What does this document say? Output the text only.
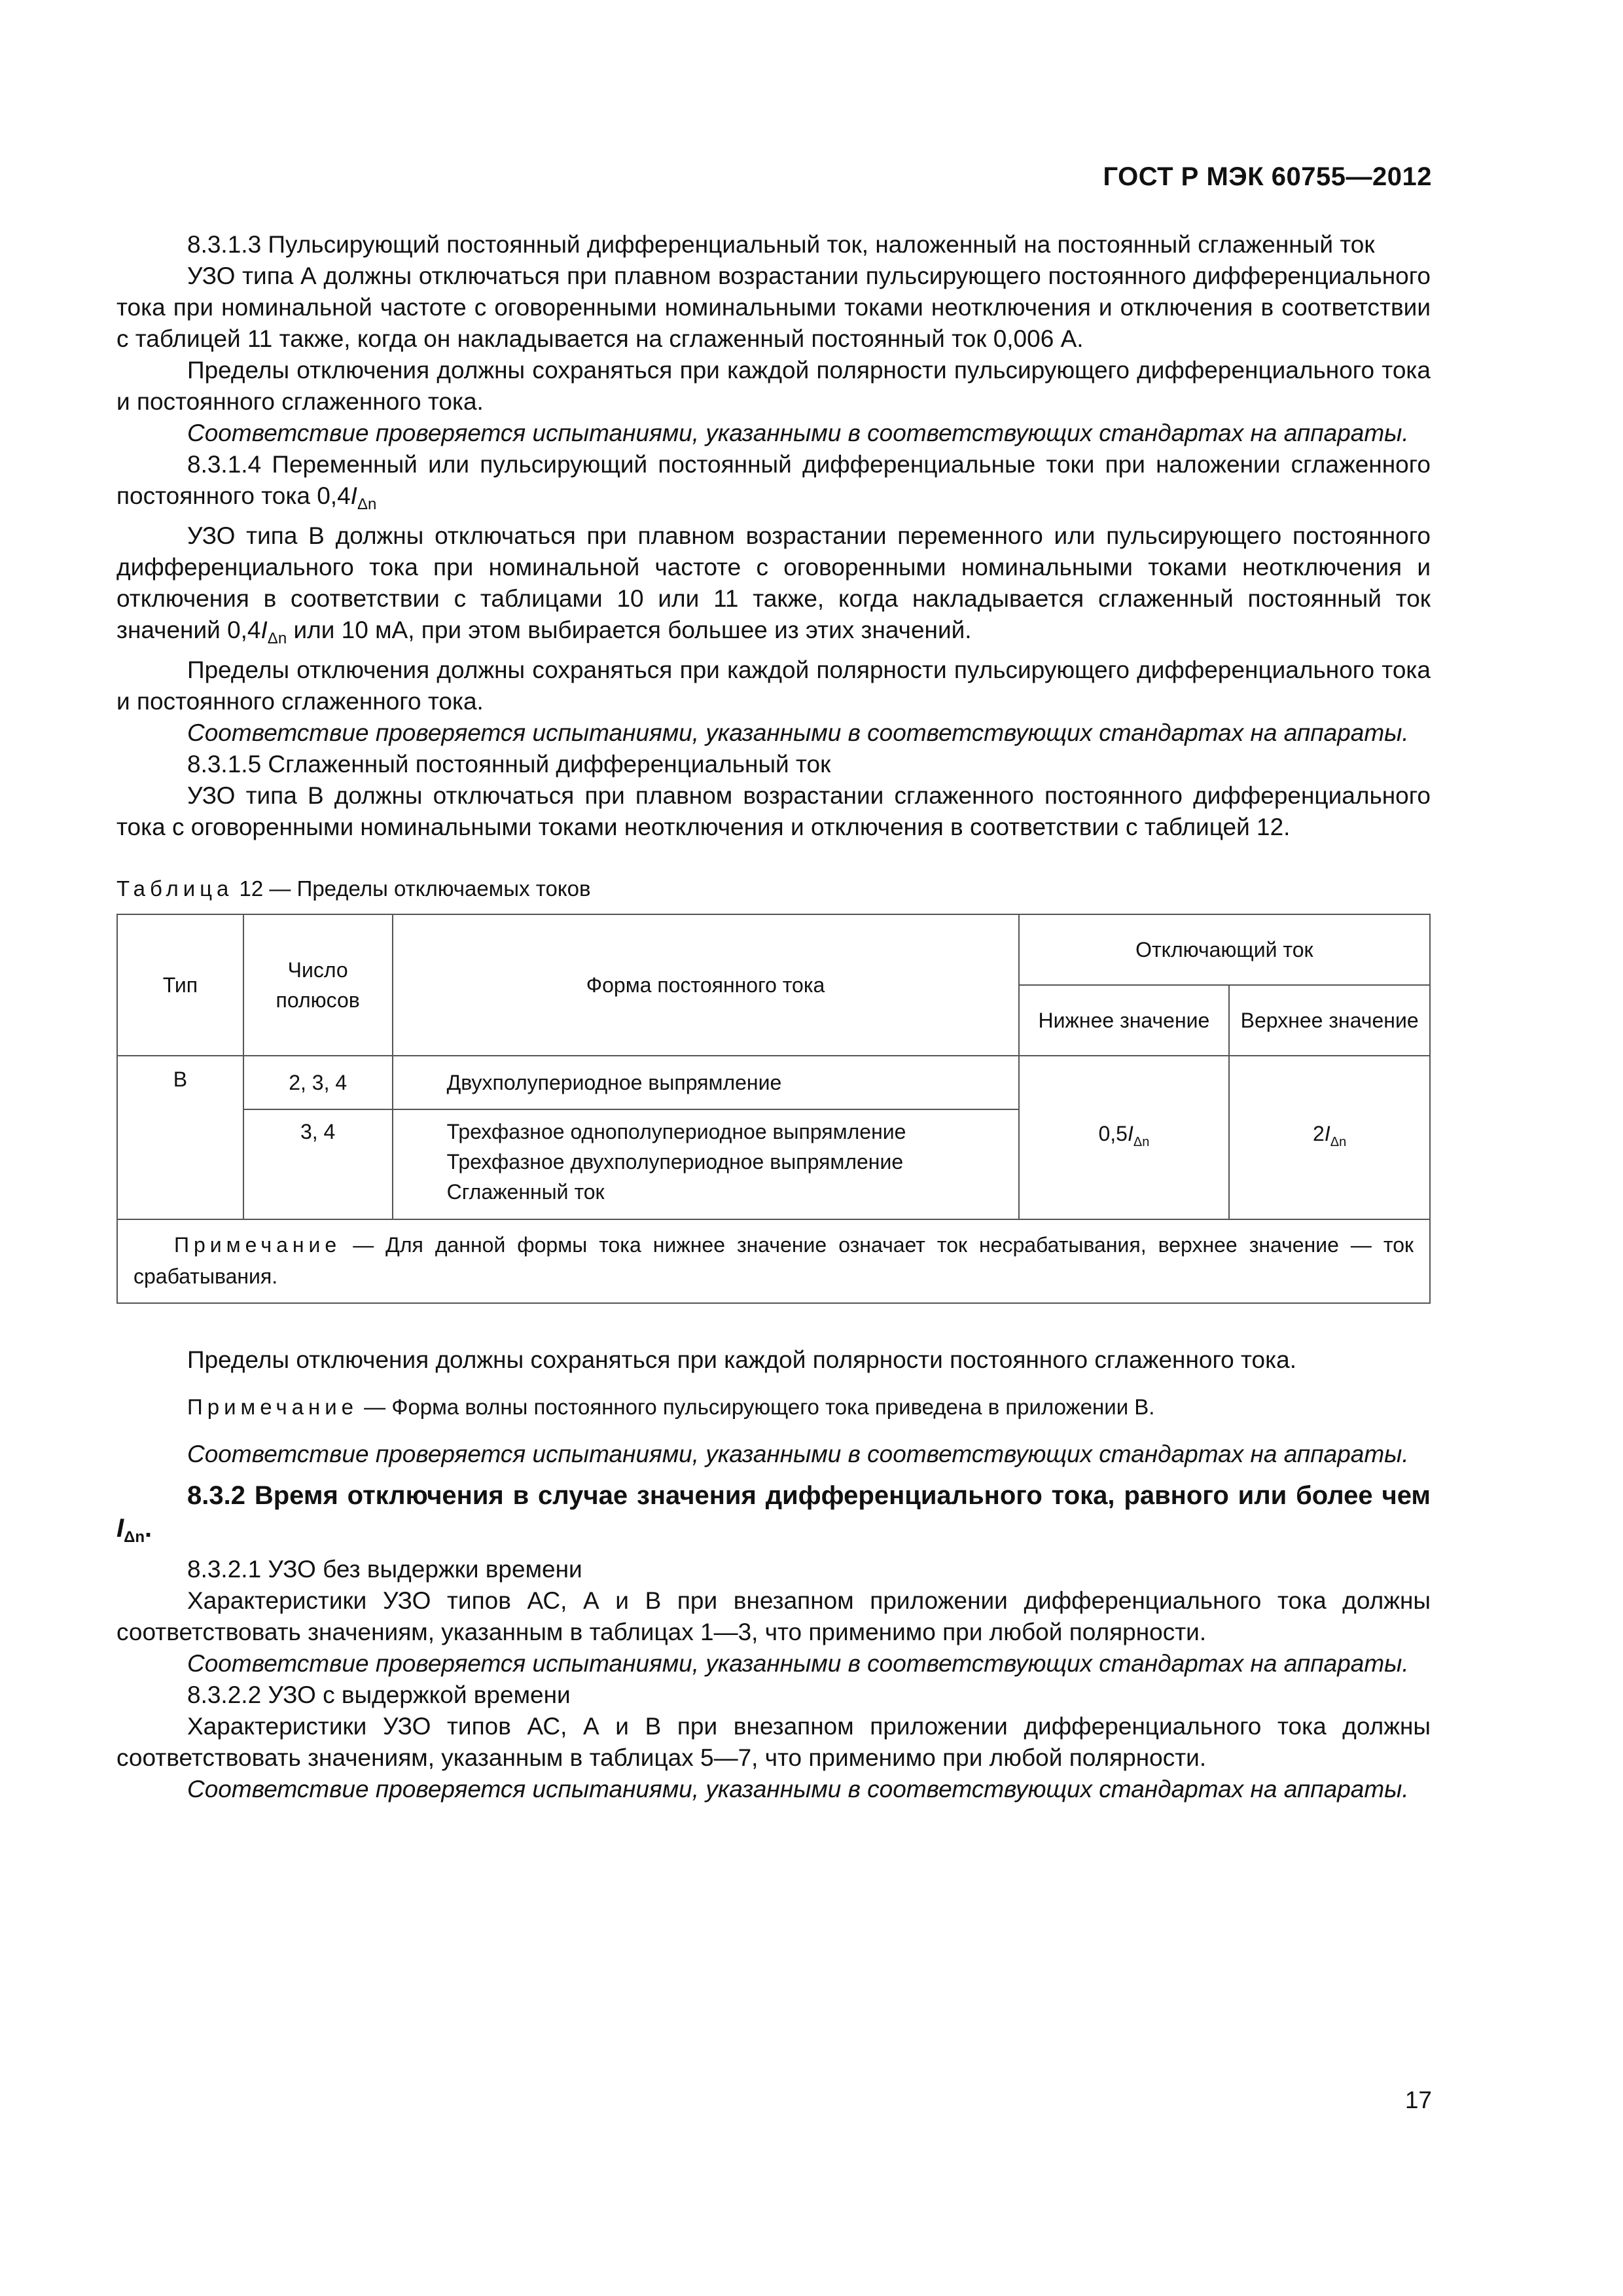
ГОСТ Р МЭК 60755—2012

8.3.1.3 Пульсирующий постоянный дифференциальный ток, наложенный на постоянный сглаженный ток

УЗО типа А должны отключаться при плавном возрастании пульсирующего постоянного дифференциального тока при номинальной частоте с оговоренными номинальными токами неотключения и отключения в соответствии с таблицей 11 также, когда он накладывается на сглаженный постоянный ток 0,006 А.

Пределы отключения должны сохраняться при каждой полярности пульсирующего дифференциального тока и постоянного сглаженного тока.

Соответствие проверяется испытаниями, указанными в соответствующих стандартах на аппараты.

8.3.1.4 Переменный или пульсирующий постоянный дифференциальные токи при наложении сглаженного постоянного тока $0,4I_{\Delta n}$

УЗО типа В должны отключаться при плавном возрастании переменного или пульсирующего постоянного дифференциального тока при номинальной частоте с оговоренными номинальными токами неотключения и отключения в соответствии с таблицами 10 или 11 также, когда накладывается сглаженный постоянный ток значений $0,4I_{\Delta n}$ или 10 мА, при этом выбирается большее из этих значений.

Пределы отключения должны сохраняться при каждой полярности пульсирующего дифференциального тока и постоянного сглаженного тока.

Соответствие проверяется испытаниями, указанными в соответствующих стандартах на аппараты.

8.3.1.5 Сглаженный постоянный дифференциальный ток

УЗО типа В должны отключаться при плавном возрастании сглаженного постоянного дифференциального тока с оговоренными номинальными токами неотключения и отключения в соответствии с таблицей 12.

Таблица 12 — Пределы отключаемых токов
Тип	Число полюсов	Форма постоянного тока	Отключающий ток	
			Нижнее значение	Верхнее значение
B	2, 3, 4	Двухполупериодное выпрямление	$0,5I_{\Delta n}$	$2I_{\Delta n}$
	3, 4	Трехфазное однополупериодное выпрямление
Трехфазное двухполупериодное выпрямление
Сглаженный ток		

Примечание — Для данной формы тока нижнее значение означает ток несрабатывания, верхнее значение — ток срабатывания.				

Пределы отключения должны сохраняться при каждой полярности постоянного сглаженного тока.

Примечание — Форма волны постоянного пульсирующего тока приведена в приложении В.

Соответствие проверяется испытаниями, указанными в соответствующих стандартах на аппараты.

8.3.2 Время отключения в случае значения дифференциального тока, равного или более чем $I_{\Delta n}$.

8.3.2.1 УЗО без выдержки времени

Характеристики УЗО типов АС, А и В при внезапном приложении дифференциального тока должны соответствовать значениям, указанным в таблицах 1—3, что применимо при любой полярности.

Соответствие проверяется испытаниями, указанными в соответствующих стандартах на аппараты.

8.3.2.2 УЗО с выдержкой времени

Характеристики УЗО типов АС, А и В при внезапном приложении дифференциального тока должны соответствовать значениям, указанным в таблицах 5—7, что применимо при любой полярности.

Соответствие проверяется испытаниями, указанными в соответствующих стандартах на аппараты.

17
